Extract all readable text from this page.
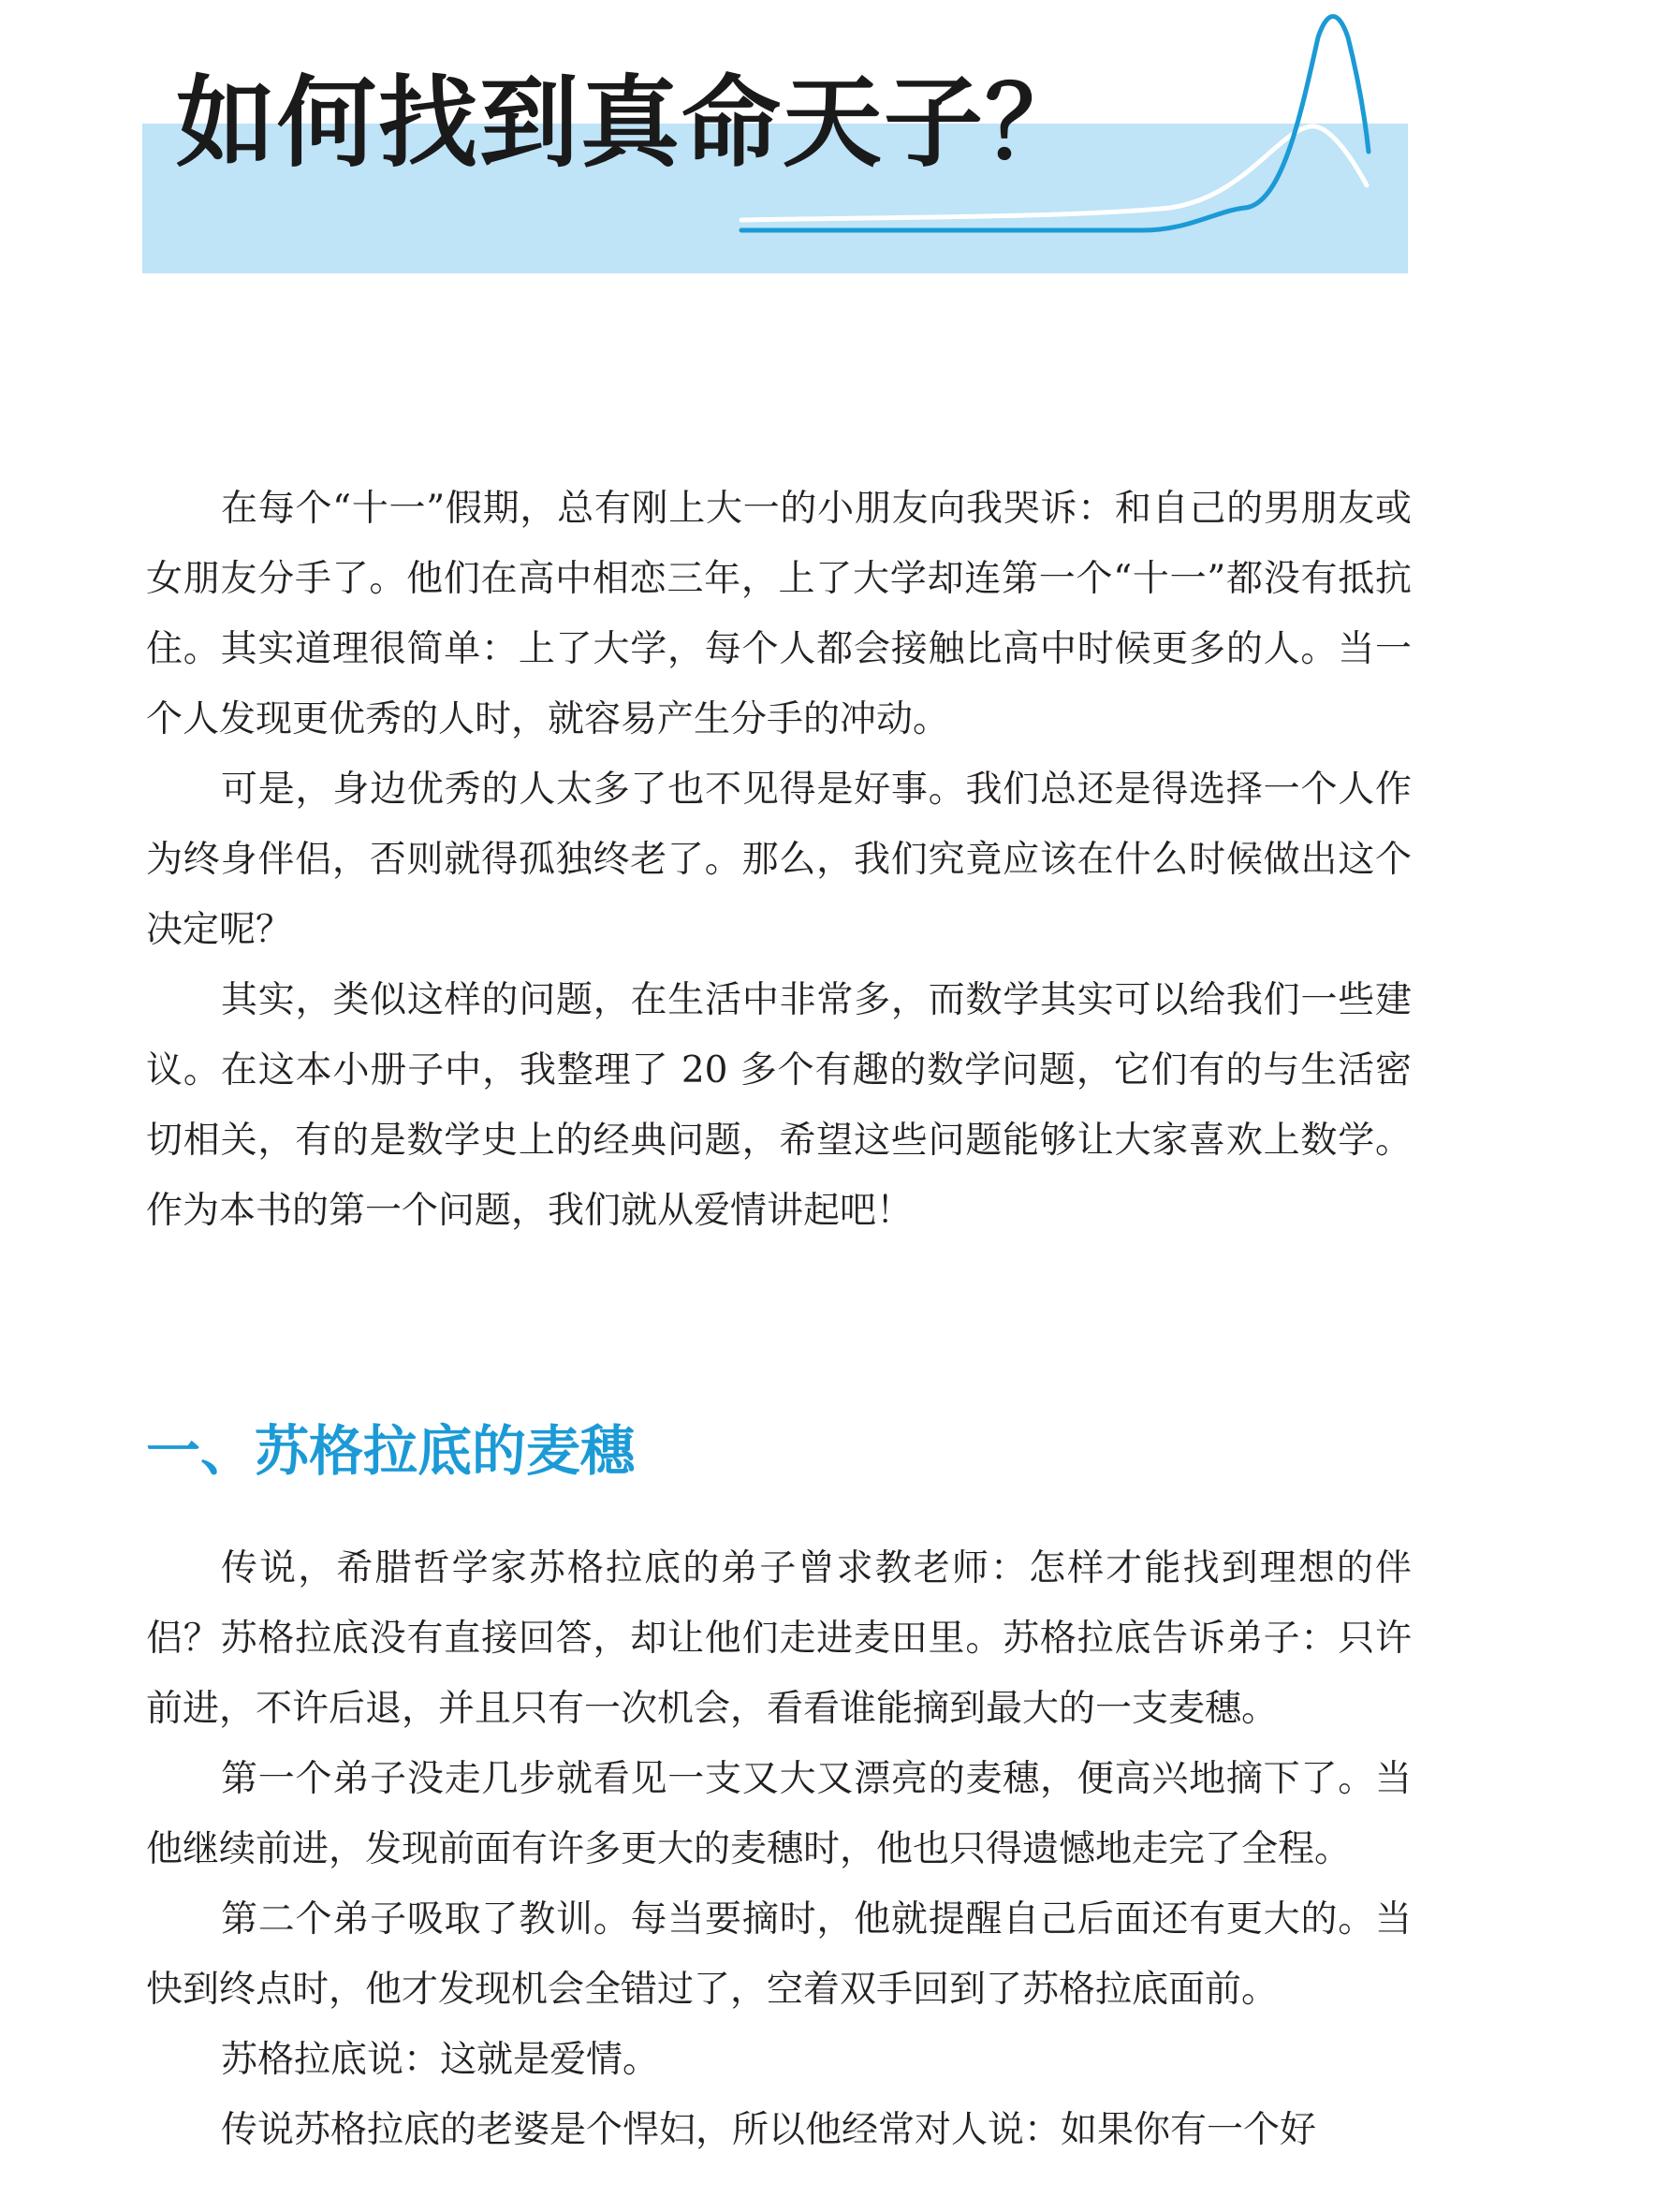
如何找到真命天子？

在每个“十一”假期，总有刚上大一的小朋友向我哭诉：和自己的男朋友或女朋友分手了。他们在高中相恋三年，上了大学却连第一个“十一”都没有抵抗住。其实道理很简单：上了大学，每个人都会接触比高中时候更多的人。当一个人发现更优秀的人时，就容易产生分手的冲动。

可是，身边优秀的人太多了也不见得是好事。我们总还是得选择一个人作为终身伴侣，否则就得孤独终老了。那么，我们究竟应该在什么时候做出这个决定呢？

其实，类似这样的问题，在生活中非常多，而数学其实可以给我们一些建议。在这本小册子中，我整理了 20 多个有趣的数学问题，它们有的与生活密切相关，有的是数学史上的经典问题，希望这些问题能够让大家喜欢上数学。作为本书的第一个问题，我们就从爱情讲起吧！

一、苏格拉底的麦穗

传说，希腊哲学家苏格拉底的弟子曾求教老师：怎样才能找到理想的伴侣？苏格拉底没有直接回答，却让他们走进麦田里。苏格拉底告诉弟子：只许前进，不许后退，并且只有一次机会，看看谁能摘到最大的一支麦穗。

第一个弟子没走几步就看见一支又大又漂亮的麦穗，便高兴地摘下了。当他继续前进，发现前面有许多更大的麦穗时，他也只得遗憾地走完了全程。

第二个弟子吸取了教训。每当要摘时，他就提醒自己后面还有更大的。当快到终点时，他才发现机会全错过了，空着双手回到了苏格拉底面前。

苏格拉底说：这就是爱情。

传说苏格拉底的老婆是个悍妇，所以他经常对人说：如果你有一个好
